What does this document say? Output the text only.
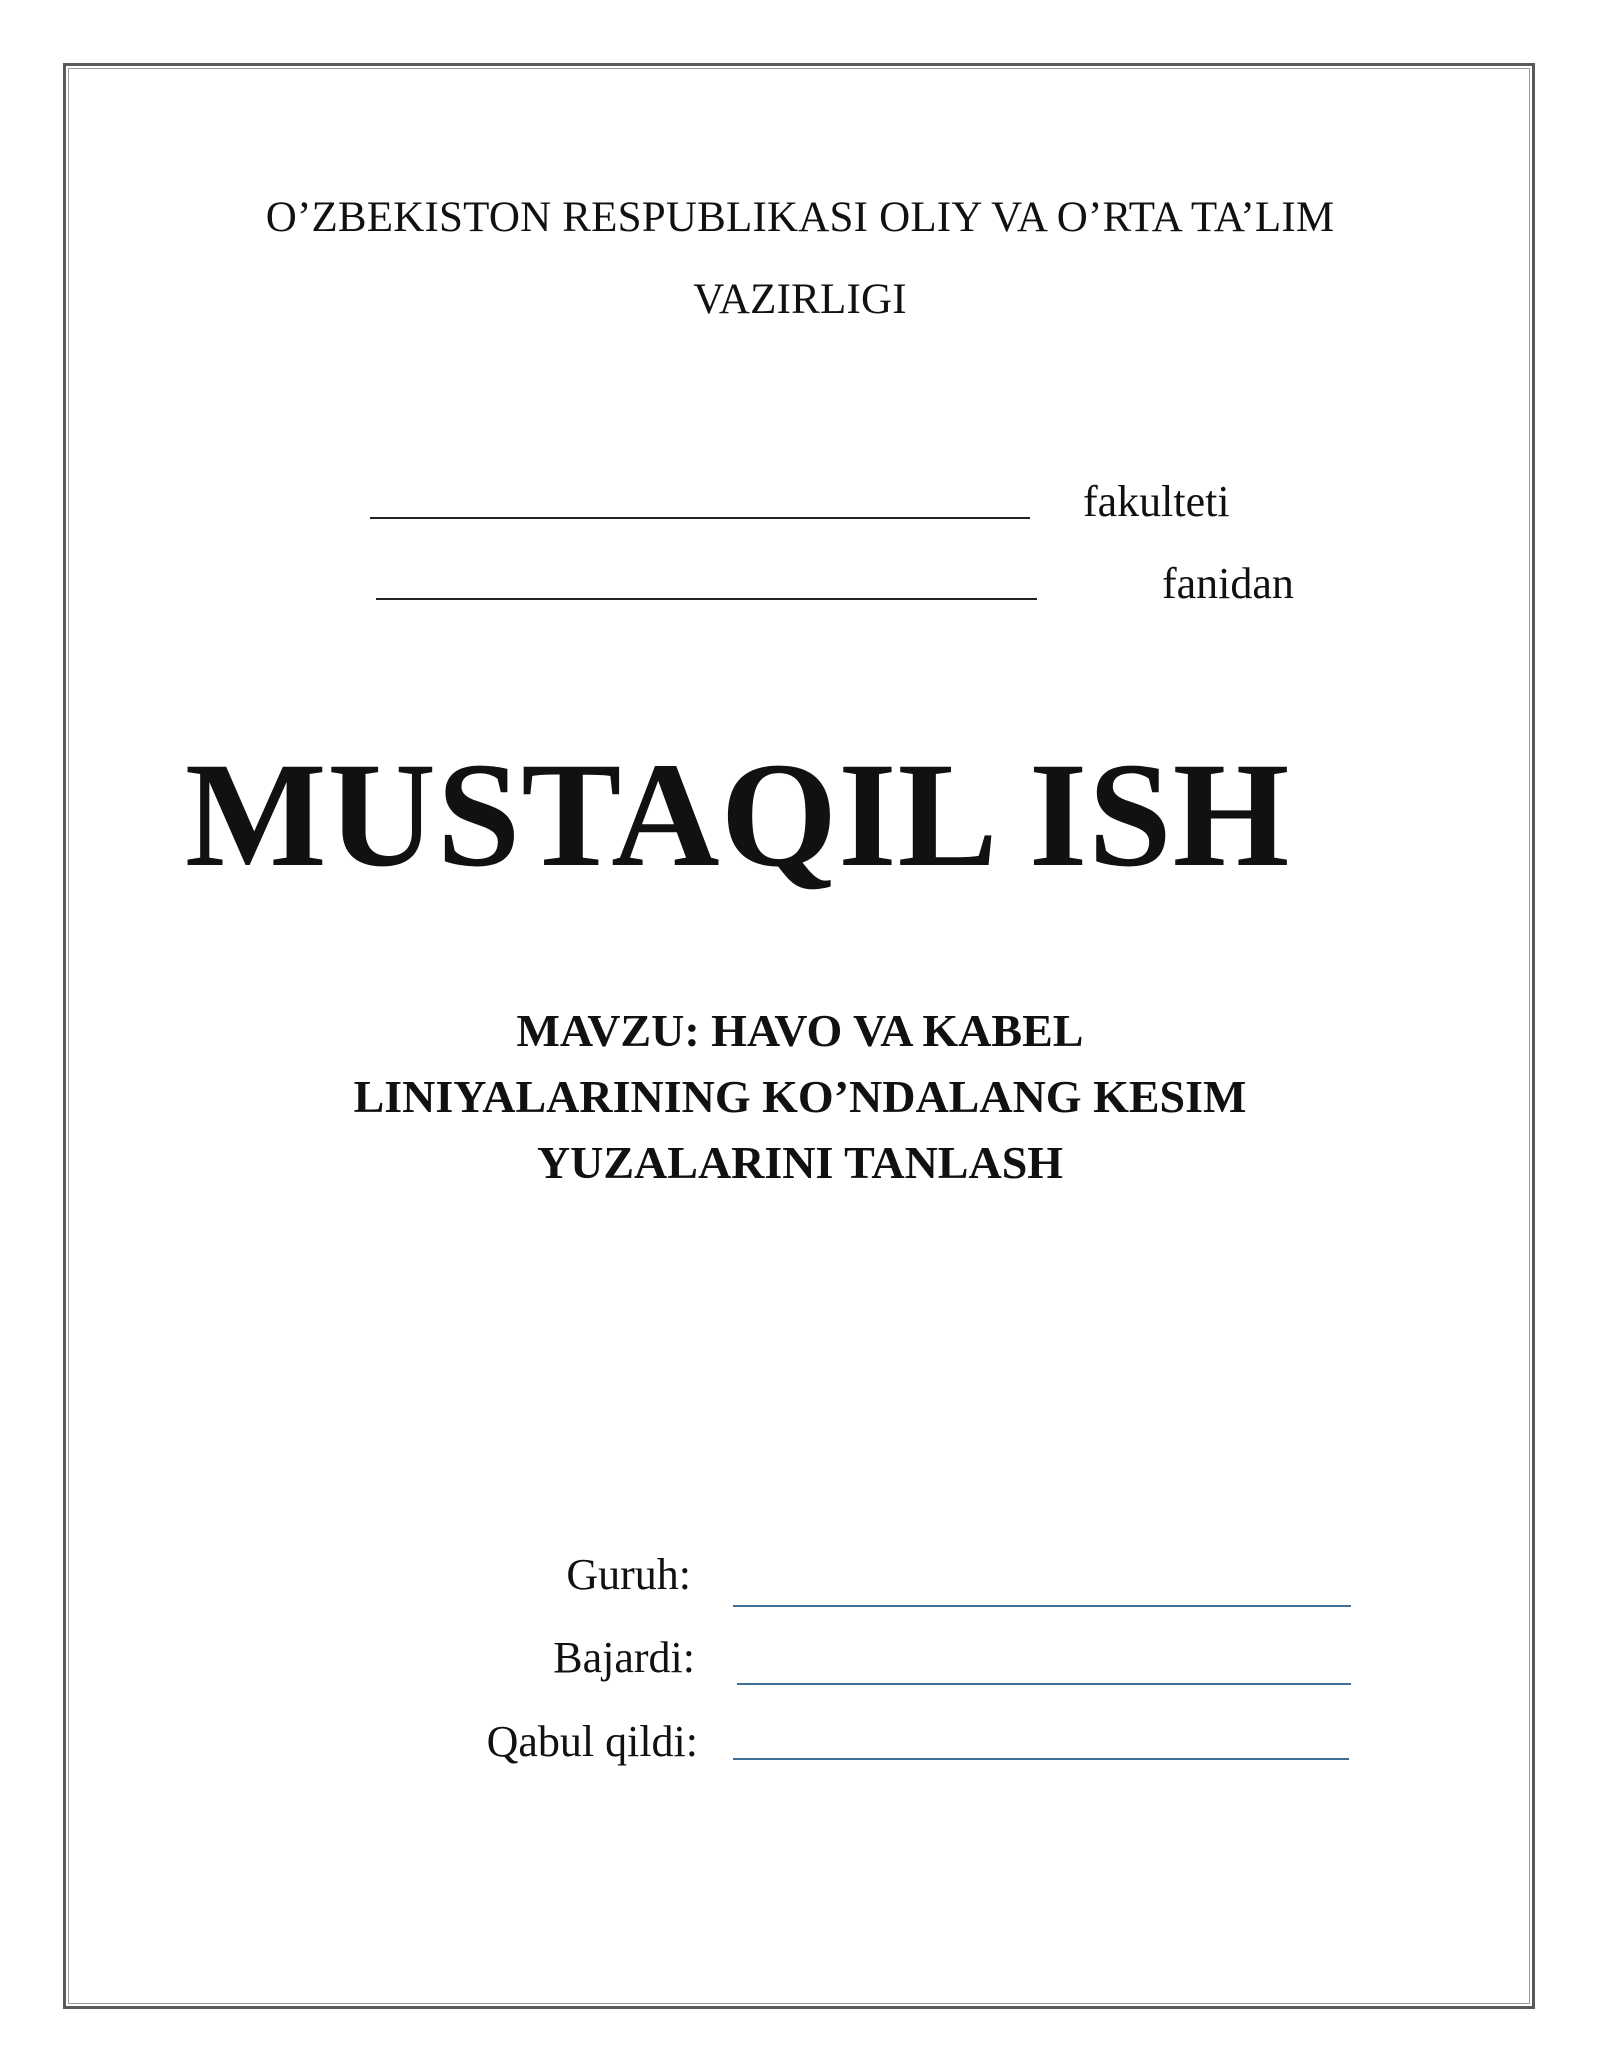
O’ZBEKISTON RESPUBLIKASI OLIY VA O’RTA TA’LIM
VAZIRLIGI
fakulteti
fanidan
MUSTAQIL ISH
MAVZU: HAVO VA KABEL
LINIYALARINING KO’NDALANG KESIM
YUZALARINI TANLASH
Guruh:
Bajardi:
Qabul qildi:
